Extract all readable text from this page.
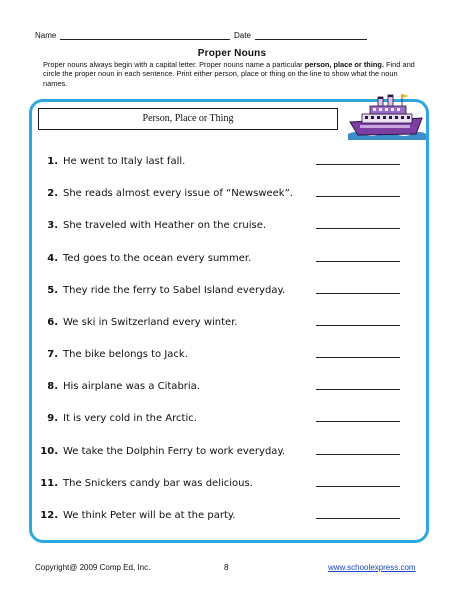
Name	Date
Proper Nouns
Proper nouns always begin with a capital letter. Proper nouns name a particular person, place or thing. Find and circle the proper noun in each sentence. Print either person, place or thing on the line to show what the noun names.
Person, Place or Thing
1. He went to Italy last fall.
2. She reads almost every issue of “Newsweek”.
3. She traveled with Heather on the cruise.
4. Ted goes to the ocean every summer.
5. They ride the ferry to Sabel Island everyday.
6. We ski in Switzerland every winter.
7. The bike belongs to Jack.
8. His airplane was a Citabria.
9. It is very cold in the Arctic.
10. We take the Dolphin Ferry to work everyday.
11. The Snickers candy bar was delicious.
12. We think Peter will be at the party.
Copyright@ 2009 Comp Ed, Inc.	8	www.schoolexpress.com
